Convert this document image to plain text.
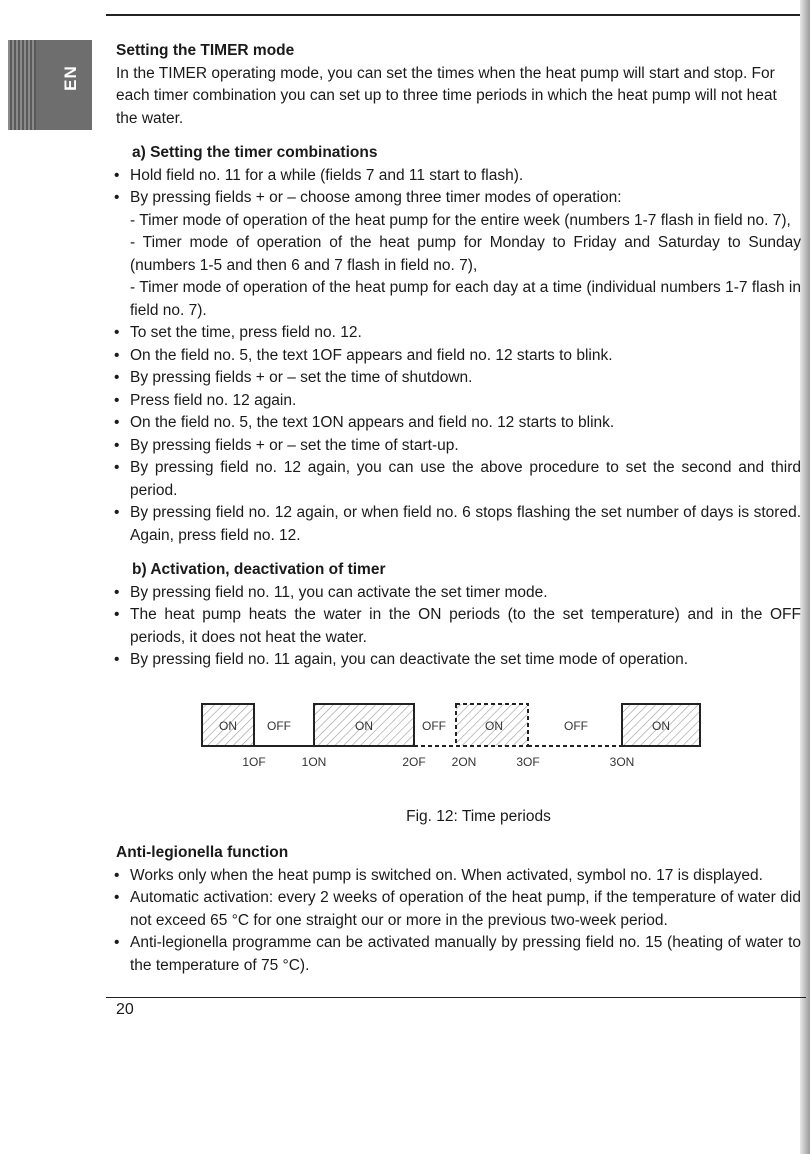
EN
Setting the TIMER mode

In the TIMER operating mode, you can set the times when the heat pump will start and stop. For each timer combination you can set up to three time periods in which the heat pump will not heat the water.

a) Setting the timer combinations
• Hold field no. 11 for a while (fields 7 and 11 start to flash).
• By pressing fields + or – choose among three timer modes of operation:
- Timer mode of operation of the heat pump for the entire week (numbers 1-7 flash in field no. 7),
- Timer mode of operation of the heat pump for Monday to Friday and Saturday to Sunday (numbers 1-5 and then 6 and 7 flash in field no. 7),
- Timer mode of operation of the heat pump for each day at a time (individual numbers 1-7 flash in field no. 7).
• To set the time, press field no. 12.
• On the field no. 5, the text 1OF appears and field no. 12 starts to blink.
• By pressing fields + or – set the time of shutdown.
• Press field no. 12 again.
• On the field no. 5, the text 1ON appears and field no. 12 starts to blink.
• By pressing fields + or – set the time of start-up.
• By pressing field no. 12 again, you can use the above procedure to set the second and third period.
• By pressing field no. 12 again, or when field no. 6 stops flashing the set number of days is stored. Again, press field no. 12.
b) Activation, deactivation of timer
• By pressing field no. 11, you can activate the set timer mode.
• The heat pump heats the water in the ON periods (to the set temperature) and in the OFF periods, it does not heat the water.
• By pressing field no. 11 again, you can deactivate the set time mode of operation.
ON	OFF	ON	OFF	ON	OFF	ON
1OF	1ON	2OF 2ON	3OF	3ON
Fig. 12: Time periods
Anti-legionella function
• Works only when the heat pump is switched on. When activated, symbol no. 17 is displayed.
• Automatic activation: every 2 weeks of operation of the heat pump, if the temperature of water did not exceed 65 °C for one straight our or more in the previous two-week period.
• Anti-legionella programme can be activated manually by pressing field no. 15 (heating of water to the temperature of 75 °C).
20
